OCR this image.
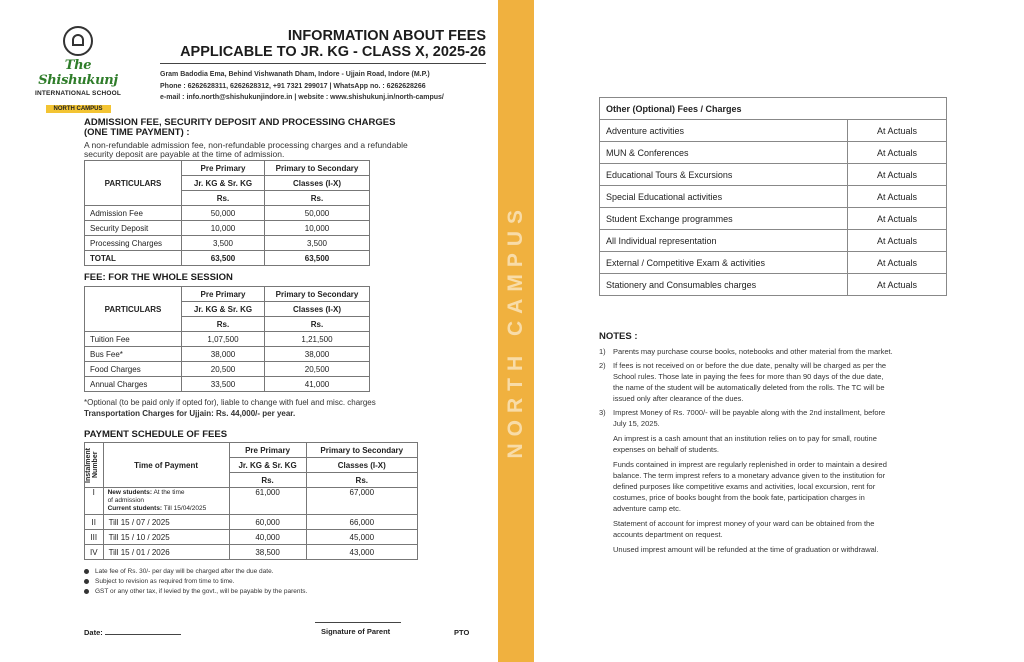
The Shishukunj
INTERNATIONAL SCHOOL
NORTH CAMPUS
INFORMATION ABOUT FEES
APPLICABLE TO JR. KG - CLASS X, 2025-26
Gram Badodia Ema, Behind Vishwanath Dham, Indore - Ujjain Road, Indore (M.P.)
Phone : 6262628311, 6262628312, +91 7321 299017 | WhatsApp no. : 6262628266
e-mail : info.north@shishukunjindore.in | website : www.shishukunj.in/north-campus/
ADMISSION FEE, SECURITY DEPOSIT AND PROCESSING CHARGES
(ONE TIME PAYMENT) :
A non-refundable admission fee, non-refundable processing charges and a refundable
security deposit are payable at the time of admission.
PARTICULARS	Pre Primary	Primary to Secondary
	Jr. KG & Sr. KG	Classes (I-X)
	Rs.	Rs.
Admission Fee	50,000	50,000
Security Deposit	10,000	10,000
Processing Charges	3,500	3,500
TOTAL	63,500	63,500
FEE: FOR THE WHOLE SESSION
PARTICULARS	Pre Primary	Primary to Secondary
	Jr. KG & Sr. KG	Classes (I-X)
	Rs.	Rs.
Tuition Fee	1,07,500	1,21,500
Bus Fee*	38,000	38,000
Food Charges	20,500	20,500
Annual Charges	33,500	41,000
*Optional (to be paid only if opted for), liable to change with fuel and misc. charges
Transportation Charges for Ujjain: Rs. 44,000/- per year.
PAYMENT SCHEDULE OF FEES
Instalment Number	Time of Payment	Pre Primary	Primary to Secondary
		Jr. KG & Sr. KG	Classes (I-X)
		Rs.	Rs.
I	New students: At the time
of admission
Current students: Till 15/04/2025	61,000	67,000
II	Till 15 / 07 / 2025	60,000	66,000
III	Till 15 / 10 / 2025	40,000	45,000
IV	Till 15 / 01 / 2026	38,500	43,000
Late fee of Rs. 30/- per day will be charged after the due date.
Subject to revision as required from time to time.
GST or any other tax, if levied by the govt., will be payable by the parents.
Date:	Signature of Parent	PTO
NORTH CAMPUS
Other (Optional) Fees / Charges	
Adventure activities	At Actuals
MUN & Conferences	At Actuals
Educational Tours & Excursions	At Actuals
Special Educational activities	At Actuals
Student Exchange programmes	At Actuals
All Individual representation	At Actuals
External / Competitive Exam & activities	At Actuals
Stationery and Consumables charges	At Actuals
NOTES :
1) Parents may purchase course books, notebooks and other material from the market.
2) If fees is not received on or before the due date, penalty will be charged as per the
School rules. Those late in paying the fees for more than 90 days of the due date,
the name of the student will be automatically deleted from the rolls. The TC will be
issued only after clearance of the dues.
3) Imprest Money of Rs. 7000/- will be payable along with the 2nd installment, before
July 15, 2025.
An imprest is a cash amount that an institution relies on to pay for small, routine
expenses on behalf of students.
Funds contained in imprest are regularly replenished in order to maintain a desired
balance. The term imprest refers to a monetary advance given to the institution for
defined purposes like competitive exams and activities, local excursion, rent for
costumes, price of books bought from the book fate, participation charges in
adventure camp etc.
Statement of account for imprest money of your ward can be obtained from the
accounts department on request.
Unused imprest amount will be refunded at the time of graduation or withdrawal.
